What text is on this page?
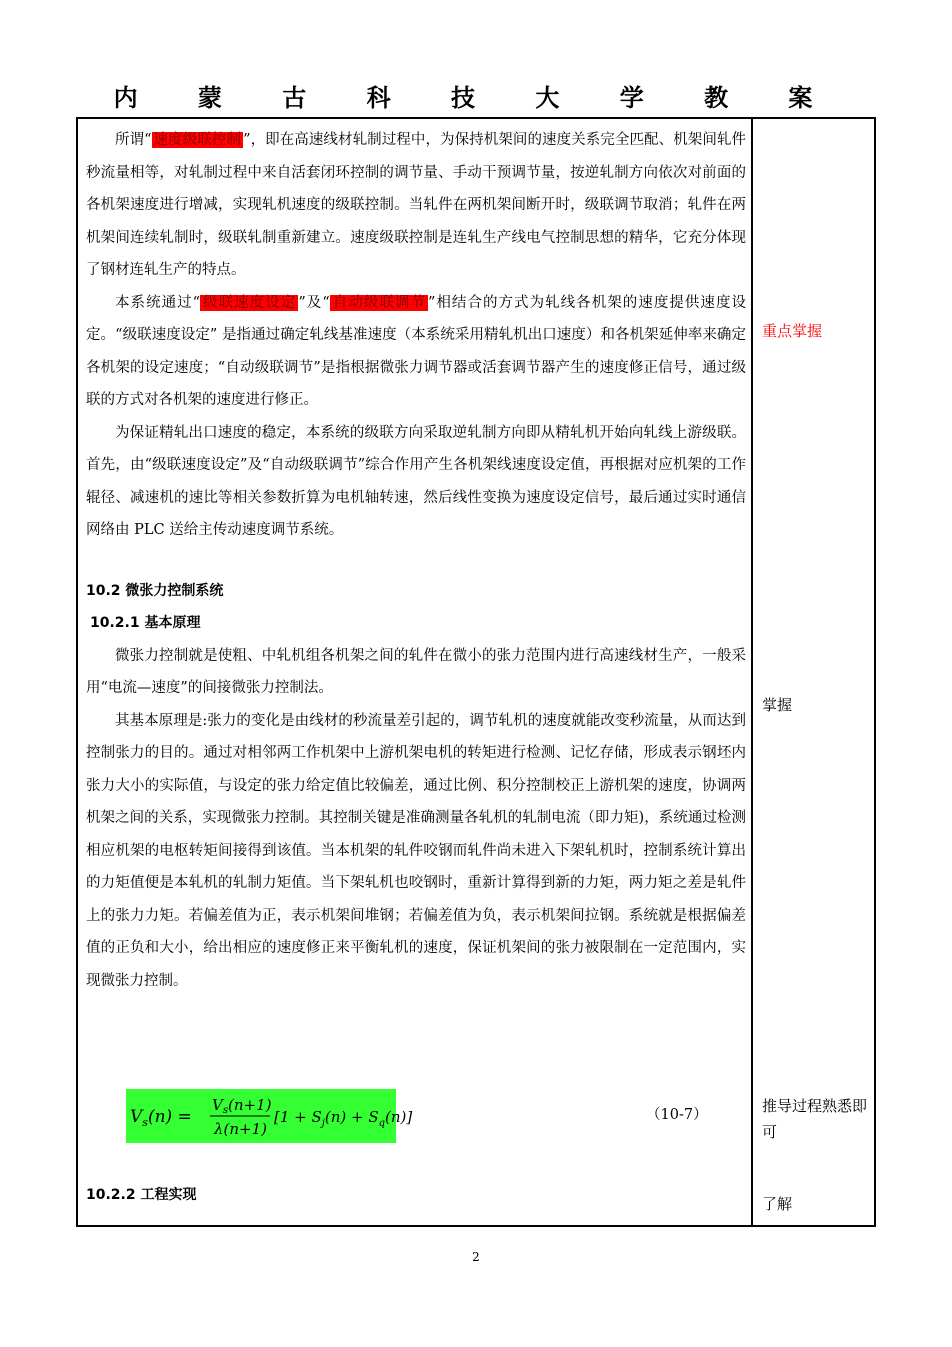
内 蒙 古 科 技 大 学 教 案

所谓“ 速度级联控制 ”，即在高速线材轧制过程中，为保持机架间的速度关系完全匹配、机架间轧件秒流量相等，对轧制过程中来自活套闭环控制的调节量、手动干预调节量，按逆轧制方向依次对前面的各机架速度进行增减，实现轧机速度的级联控制。当轧件在两机架间断开时，级联调节取消；轧件在两机架间连续轧制时，级联轧制重新建立。速度级联控制是连轧生产线电气控制思想的精华，它充分体现了钢材连轧生产的特点。

本系统通过“ 级联速度设定 ”及“ 自动级联调节 ”相结合的方式为轧线各机架的速度提供速度设定。“级联速度设定” 是指通过确定轧线基准速度（本系统采用精轧机出口速度）和各机架延伸率来确定各机架的设定速度；“自动级联调节”是指根据微张力调节器或活套调节器产生的速度修正信号，通过级联的方式对各机架的速度进行修正。

为保证精轧出口速度的稳定，本系统的级联方向采取逆轧制方向即从精轧机开始向轧线上游级联。首先，由“级联速度设定”及“自动级联调节”综合作用产生各机架线速度设定值，再根据对应机架的工作辊径、减速机的速比等相关参数折算为电机轴转速，然后线性变换为速度设定信号，最后通过实时通信网络由 PLC 送给主传动速度调节系统。

10.2 微张力控制系统

10.2.1 基本原理

微张力控制就是使粗、中轧机组各机架之间的轧件在微小的张力范围内进行高速线材生产，一般采用“电流—速度”的间接微张力控制法。

其基本原理是:张力的变化是由线材的秒流量差引起的，调节轧机的速度就能改变秒流量，从而达到控制张力的目的。通过对相邻两工作机架中上游机架电机的转矩进行检测、记忆存储，形成表示钢坯内张力大小的实际值，与设定的张力给定值比较偏差，通过比例、积分控制校正上游机架的速度，协调两机架之间的关系，实现微张力控制。其控制关键是准确测量各轧机的轧制电流（即力矩)，系统通过检测相应机架的电枢转矩间接得到该值。当本机架的轧件咬钢而轧件尚未进入下架轧机时，控制系统计算出的力矩值便是本轧机的轧制力矩值。当下架轧机也咬钢时，重新计算得到新的力矩，两力矩之差是轧件上的张力力矩。若偏差值为正，表示机架间堆钢；若偏差值为负，表示机架间拉钢。系统就是根据偏差值的正负和大小，给出相应的速度修正来平衡轧机的速度，保证机架间的张力被限制在一定范围内，实现微张力控制。

$V_s(n)$ =
$V_s(n+1)$
λ(n+1)
$[1 + S_j(n) + S_q(n)]$	（10-7）
10.2.2 工程实现
重点掌握
掌握
推导过程熟悉即可
了解
2
